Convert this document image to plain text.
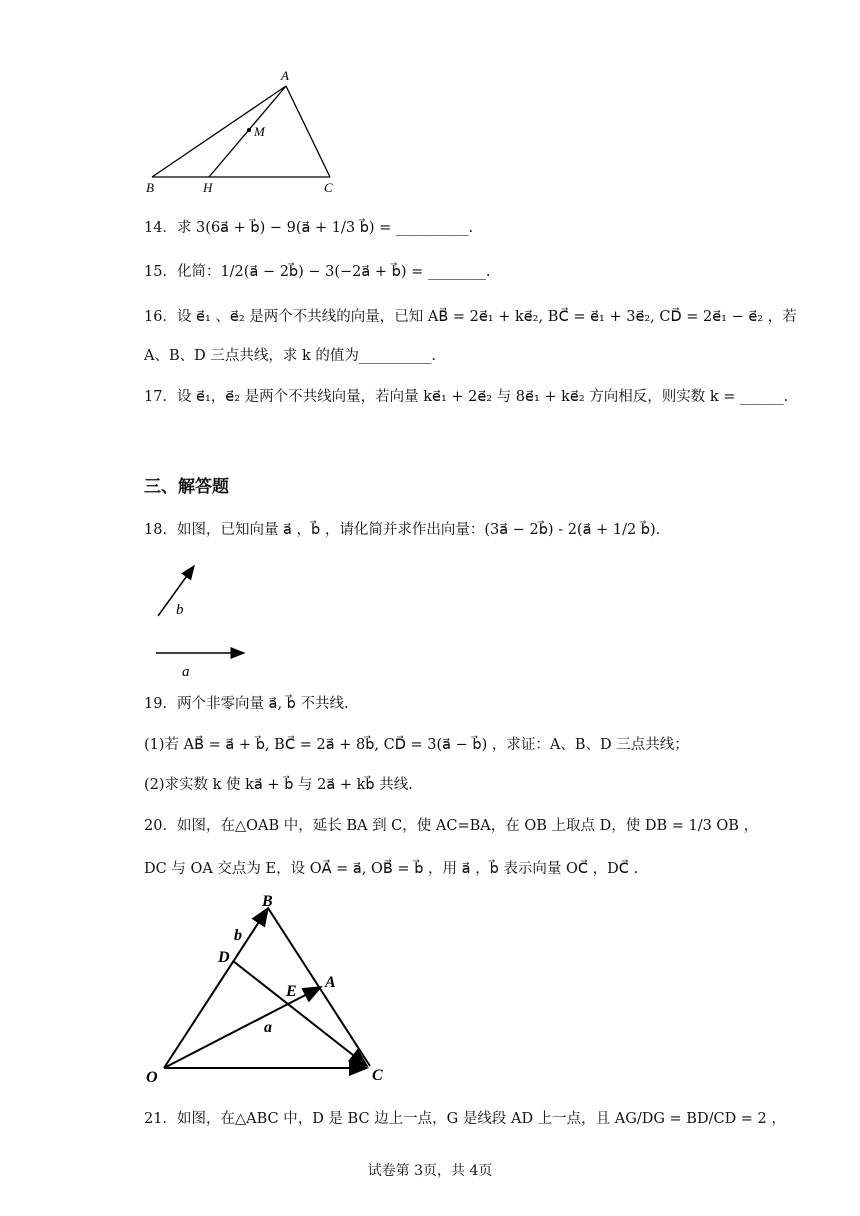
A
M
B	H	C
14．求 3(6a⃗ + b⃗) − 9(a⃗ + 1/3 b⃗) = __________.
15．化简：1/2(a⃗ − 2b⃗) − 3(−2a⃗ + b⃗) = ________.
16．设 e⃗₁ 、e⃗₂ 是两个不共线的向量，已知 AB⃗ = 2e⃗₁ + ke⃗₂, BC⃗ = e⃗₁ + 3e⃗₂, CD⃗ = 2e⃗₁ − e⃗₂ ，若
A、B、D 三点共线，求 k 的值为__________.
17．设 e⃗₁，e⃗₂ 是两个不共线向量，若向量 ke⃗₁ + 2e⃗₂ 与 8e⃗₁ + ke⃗₂ 方向相反，则实数 k = ______.
三、解答题
18．如图，已知向量 a⃗ ，b⃗ ，请化简并求作出向量：(3a⃗ − 2b⃗) - 2(a⃗ + 1/2 b⃗).
b⃗
a⃗
19．两个非零向量 a⃗, b⃗ 不共线.
(1)若 AB⃗ = a⃗ + b⃗, BC⃗ = 2a⃗ + 8b⃗, CD⃗ = 3(a⃗ − b⃗) ，求证：A、B、D 三点共线；
(2)求实数 k 使 ka⃗ + b⃗ 与 2a⃗ + kb⃗ 共线.
20．如图，在△OAB 中，延长 BA 到 C，使 AC=BA，在 OB 上取点 D，使 DB = 1/3 OB ，
DC 与 OA 交点为 E，设 OA⃗ = a⃗, OB⃗ = b⃗ ，用 a⃗ ，b⃗ 表示向量 OC⃗ ，DC⃗ .
B
b⃗
D
E
A
a⃗
O	C
21．如图，在△ABC 中，D 是 BC 边上一点，G 是线段 AD 上一点，且 AG/DG = BD/CD = 2 ，
试卷第 3页，共 4页
